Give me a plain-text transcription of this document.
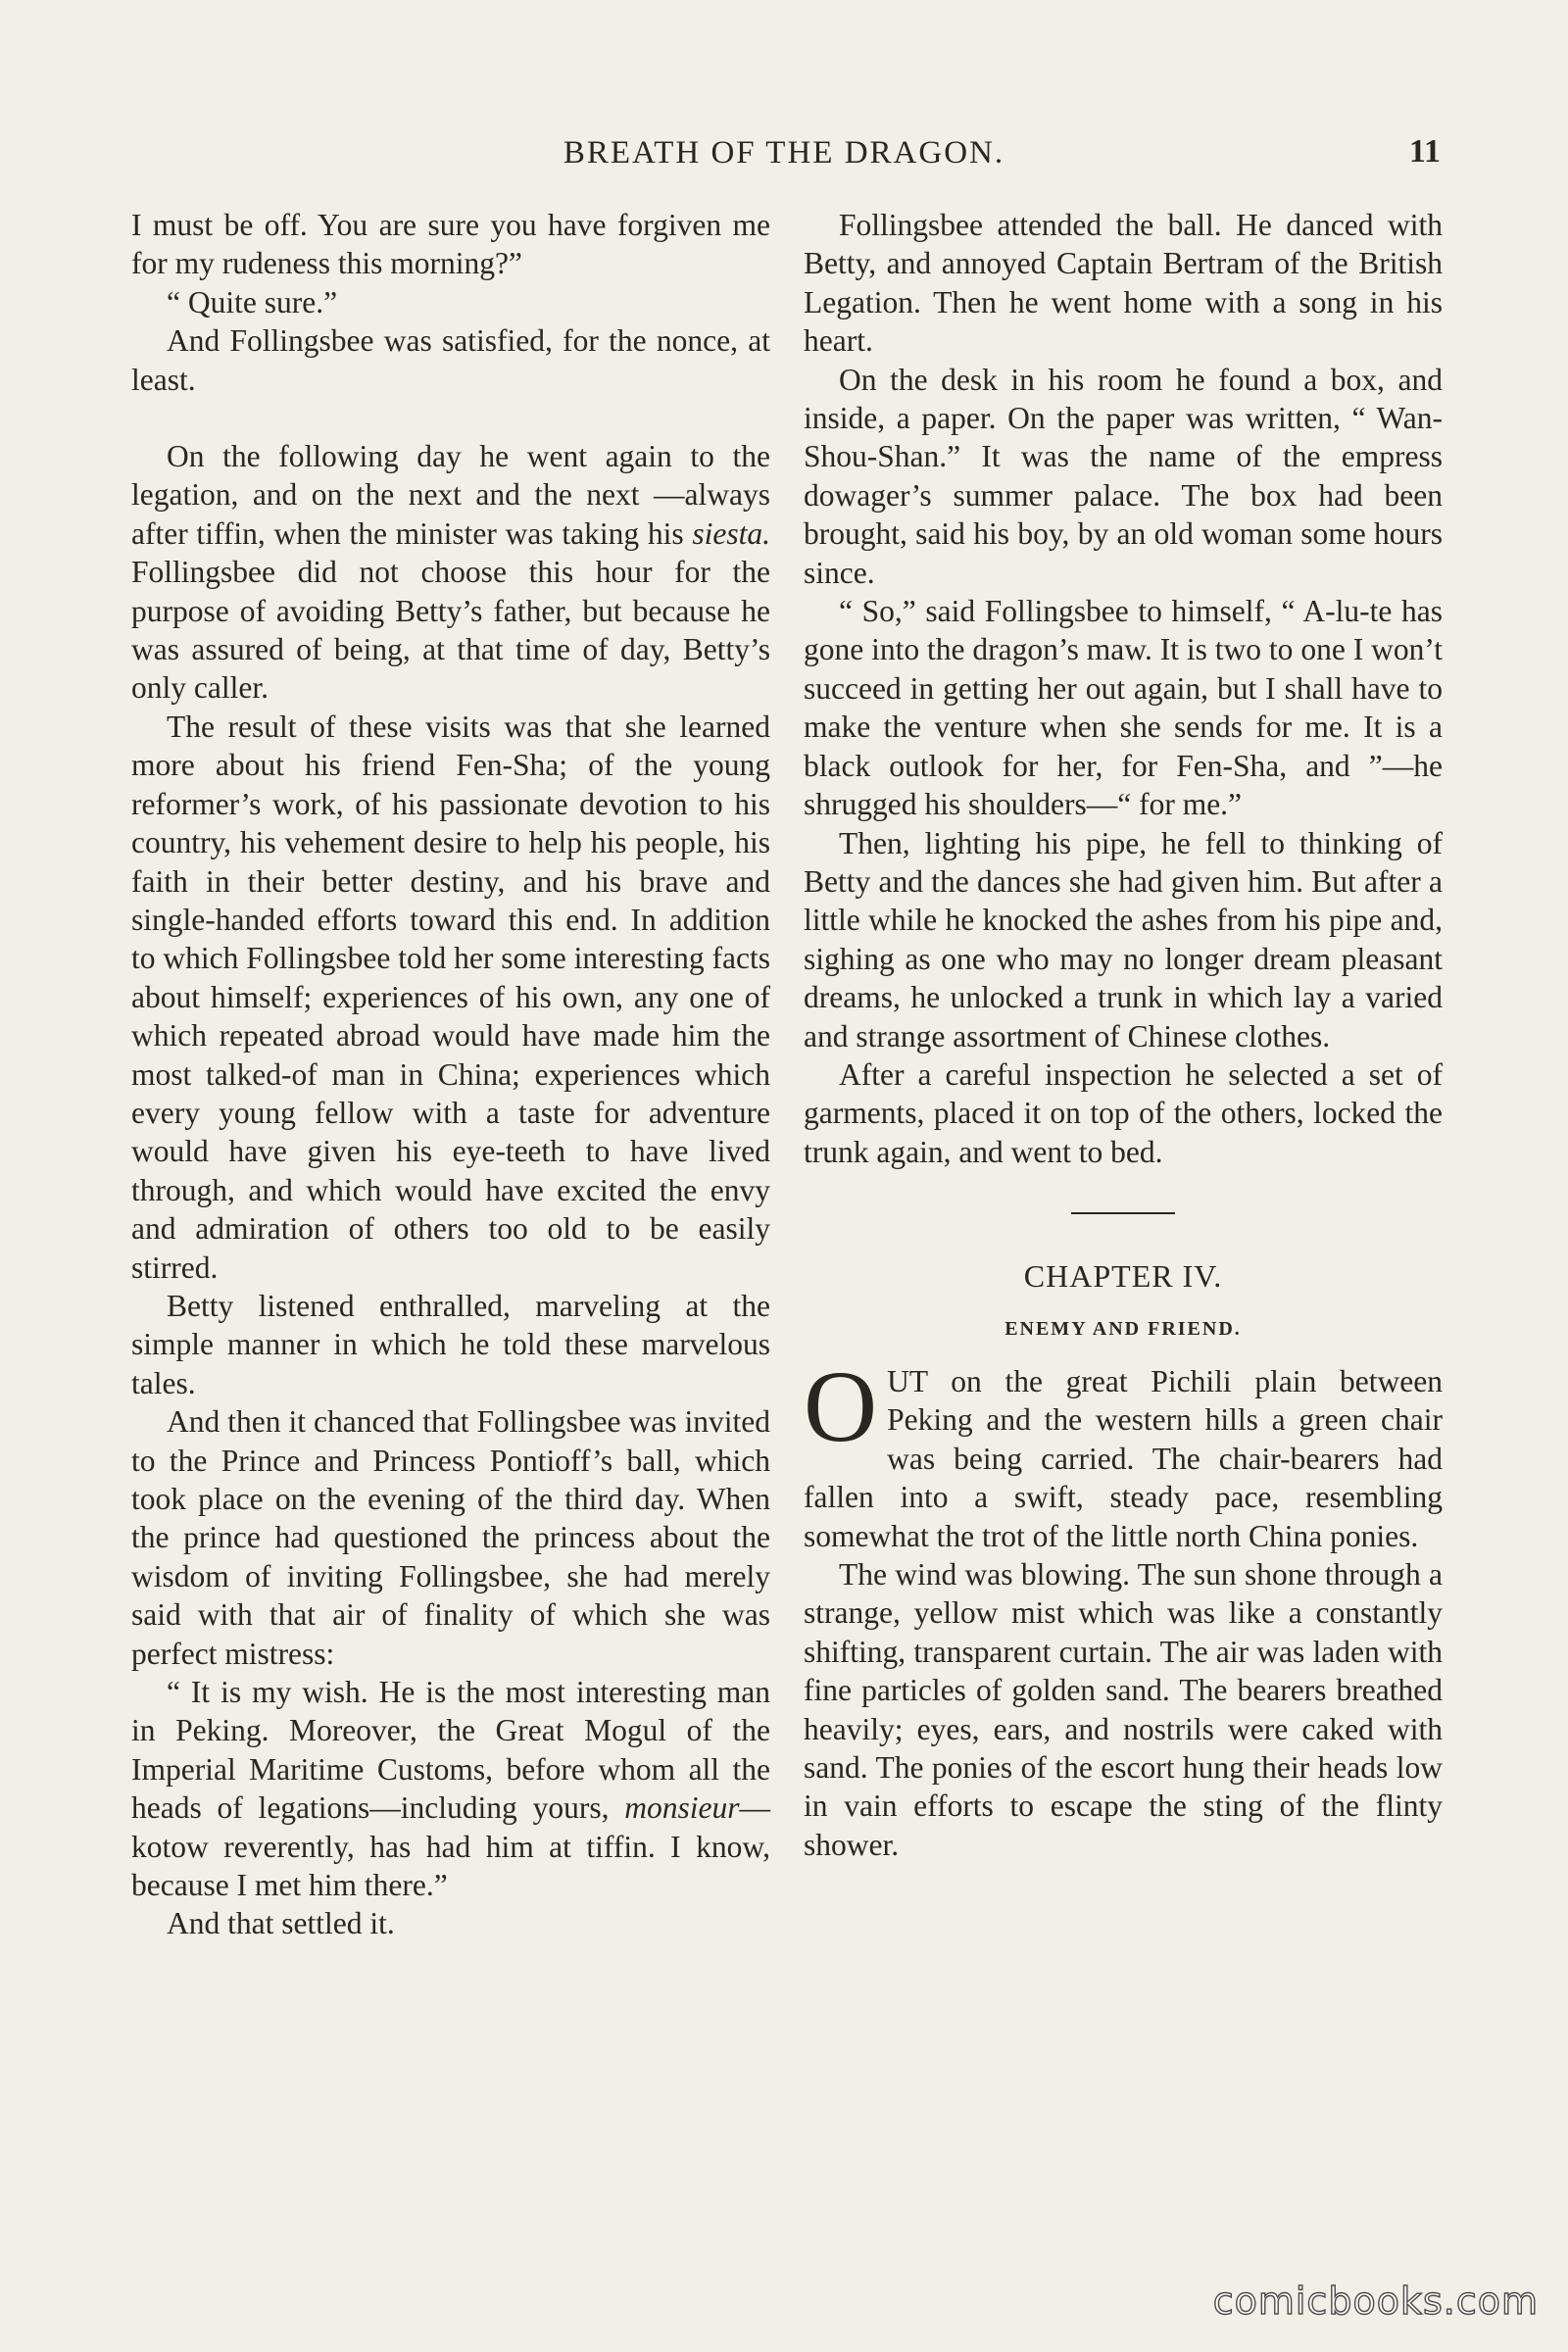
BREATH OF THE DRAGON.	11

I must be off. You are sure you have forgiven me for my rudeness this morning?”

“ Quite sure.”

And Follingsbee was satisfied, for the nonce, at least.

On the following day he went again to the legation, and on the next and the next —always after tiffin, when the minister was taking his siesta. Follingsbee did not choose this hour for the purpose of avoiding Betty’s father, but because he was assured of being, at that time of day, Betty’s only caller.

The result of these visits was that she learned more about his friend Fen-Sha; of the young reformer’s work, of his passionate devotion to his country, his vehement desire to help his people, his faith in their better destiny, and his brave and single-handed efforts toward this end. In addition to which Follingsbee told her some interesting facts about himself; experiences of his own, any one of which repeated abroad would have made him the most talked-of man in China; experiences which every young fellow with a taste for adventure would have given his eye-teeth to have lived through, and which would have excited the envy and admiration of others too old to be easily stirred.

Betty listened enthralled, marveling at the simple manner in which he told these marvelous tales.

And then it chanced that Follingsbee was invited to the Prince and Princess Pontioff’s ball, which took place on the evening of the third day. When the prince had questioned the princess about the wisdom of inviting Follingsbee, she had merely said with that air of finality of which she was perfect mistress:

“ It is my wish. He is the most interesting man in Peking. Moreover, the Great Mogul of the Imperial Maritime Customs, before whom all the heads of legations—including yours, monsieur— kotow reverently, has had him at tiffin. I know, because I met him there.”

And that settled it.

Follingsbee attended the ball. He danced with Betty, and annoyed Captain Bertram of the British Legation. Then he went home with a song in his heart.

On the desk in his room he found a box, and inside, a paper. On the paper was written, “ Wan-Shou-Shan.” It was the name of the empress dowager’s summer palace. The box had been brought, said his boy, by an old woman some hours since.

“ So,” said Follingsbee to himself, “ A-lu-te has gone into the dragon’s maw. It is two to one I won’t succeed in getting her out again, but I shall have to make the venture when she sends for me. It is a black outlook for her, for Fen-Sha, and ”—he shrugged his shoulders—“ for me.”

Then, lighting his pipe, he fell to thinking of Betty and the dances she had given him. But after a little while he knocked the ashes from his pipe and, sighing as one who may no longer dream pleasant dreams, he unlocked a trunk in which lay a varied and strange assortment of Chinese clothes.

After a careful inspection he selected a set of garments, placed it on top of the others, locked the trunk again, and went to bed.

CHAPTER IV.
ENEMY AND FRIEND.

OUT on the great Pichili plain between Peking and the western hills a green chair was being carried. The chair-bearers had fallen into a swift, steady pace, resembling somewhat the trot of the little north China ponies.

The wind was blowing. The sun shone through a strange, yellow mist which was like a constantly shifting, transparent curtain. The air was laden with fine particles of golden sand. The bearers breathed heavily; eyes, ears, and nostrils were caked with sand. The ponies of the escort hung their heads low in vain efforts to escape the sting of the flinty shower.

comicbooks.com
